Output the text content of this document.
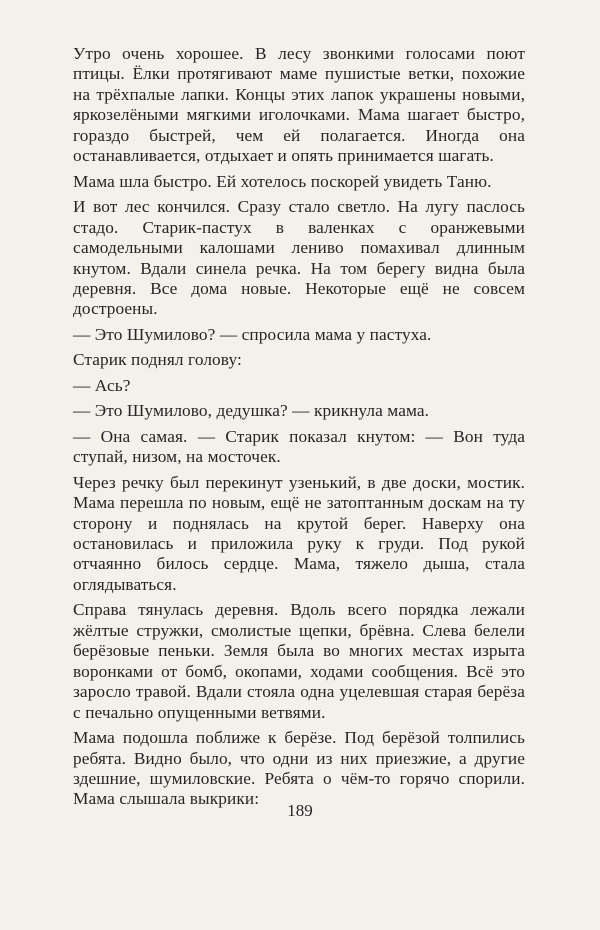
Утро очень хорошее. В лесу звонкими голосами поют птицы. Ёлки протягивают маме пушистые ветки, похожие на трёхпалые лапки. Концы этих лапок украшены новыми, яркозелёными мягкими иголочками. Мама шагает быстро, гораздо быстрей, чем ей полагается. Иногда она останавливается, отдыхает и опять принимается шагать.

Мама шла быстро. Ей хотелось поскорей увидеть Таню.

И вот лес кончился. Сразу стало светло. На лугу паслось стадо. Старик-пастух в валенках с оранжевыми самодельными калошами лениво помахивал длинным кнутом. Вдали синела речка. На том берегу видна была деревня. Все дома новые. Некоторые ещё не совсем достроены.

— Это Шумилово? — спросила мама у пастуха.

Старик поднял голову:

— Ась?

— Это Шумилово, дедушка? — крикнула мама.

— Она самая. — Старик показал кнутом: — Вон туда ступай, низом, на мосточек.

Через речку был перекинут узенький, в две доски, мостик. Мама перешла по новым, ещё не затоптанным доскам на ту сторону и поднялась на крутой берег. Наверху она остановилась и приложила руку к груди. Под рукой отчаянно билось сердце. Мама, тяжело дыша, стала оглядываться.

Справа тянулась деревня. Вдоль всего порядка лежали жёлтые стружки, смолистые щепки, брёвна. Слева белели берёзовые пеньки. Земля была во многих местах изрыта воронками от бомб, окопами, ходами сообщения. Всё это заросло травой. Вдали стояла одна уцелевшая старая берёза с печально опущенными ветвями.

Мама подошла поближе к берёзе. Под берёзой толпились ребята. Видно было, что одни из них приезжие, а другие здешние, шумиловские. Ребята о чём-то горячо спорили. Мама слышала выкрики:

189
